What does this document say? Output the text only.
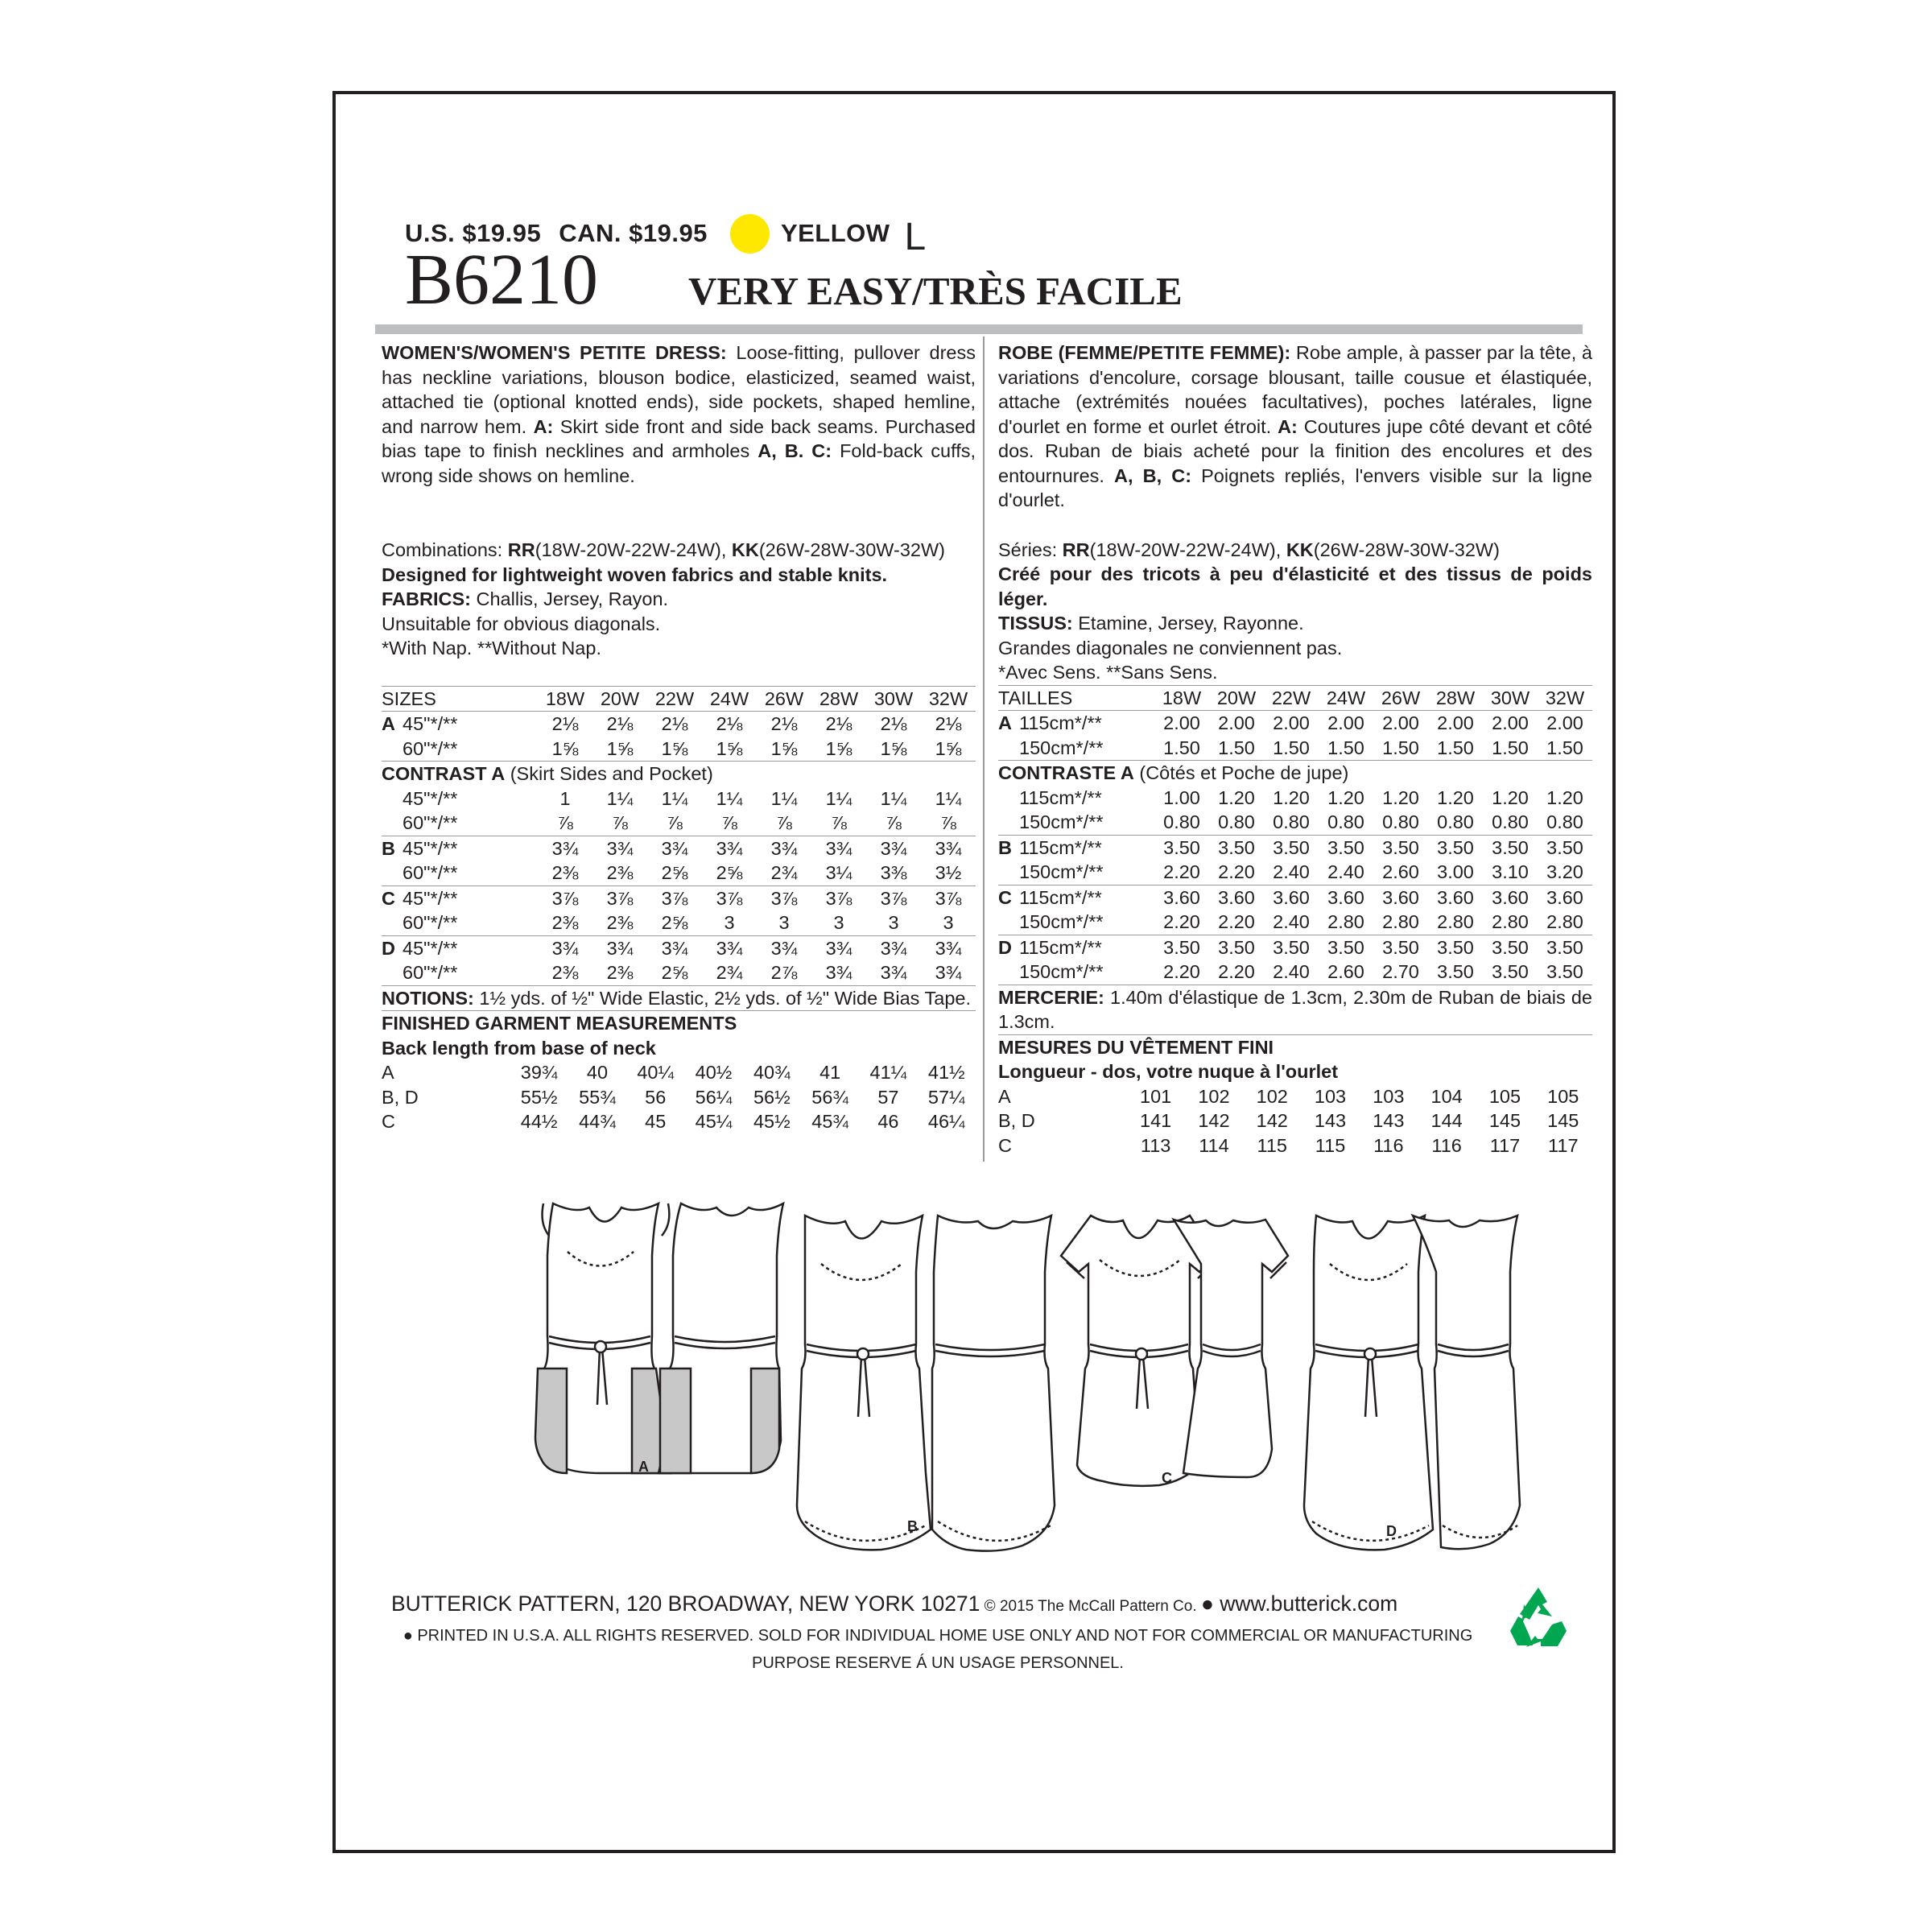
U.S. $19.95 CAN. $19.95	YELLOW L
B6210 VERY EASY/TRÈS FACILE

WOMEN'S/WOMEN'S PETITE DRESS: Loose-fitting, pullover dress has neckline variations, blouson bodice, elasticized, seamed waist, attached tie (optional knotted ends), side pockets, shaped hemline, and narrow hem. A: Skirt side front and side back seams. Purchased bias tape to finish necklines and armholes A, B. C: Fold-back cuffs, wrong side shows on hemline.

Combinations: RR(18W-20W-22W-24W), KK(26W-28W-30W-32W)

Designed for lightweight woven fabrics and stable knits.

FABRICS: Challis, Jersey, Rayon.

Unsuitable for obvious diagonals.

*With Nap. **Without Nap.

SIZES		18W	20W	22W	24W	26W	28W	30W	32W
A	45"*/**	2⅛	2⅛	2⅛	2⅛	2⅛	2⅛	2⅛	2⅛
	60"*/**	1⅝	1⅝	1⅝	1⅝	1⅝	1⅝	1⅝	1⅝
CONTRAST A (Skirt Sides and Pocket)									
	45"*/**	1	1¼	1¼	1¼	1¼	1¼	1¼	1¼
	60"*/**	⅞	⅞	⅞	⅞	⅞	⅞	⅞	⅞
B	45"*/**	3¾	3¾	3¾	3¾	3¾	3¾	3¾	3¾
	60"*/**	2⅜	2⅜	2⅝	2⅝	2¾	3¼	3⅜	3½
C	45"*/**	3⅞	3⅞	3⅞	3⅞	3⅞	3⅞	3⅞	3⅞
	60"*/**	2⅜	2⅜	2⅝	3	3	3	3	3
D	45"*/**	3¾	3¾	3¾	3¾	3¾	3¾	3¾	3¾
	60"*/**	2⅜	2⅜	2⅝	2¾	2⅞	3¾	3¾	3¾

NOTIONS: 1½ yds. of ½" Wide Elastic, 2½ yds. of ½" Wide Bias Tape.

FINISHED GARMENT MEASUREMENTS

Back length from base of neck

A	39¾	40	40¼	40½	40¾	41	41¼	41½
B, D	55½	55¾	56	56¼	56½	56¾	57	57¼
C	44½	44¾	45	45¼	45½	45¾	46	46¼

ROBE (FEMME/PETITE FEMME): Robe ample, à passer par la tête, à variations d'encolure, corsage blousant, taille cousue et élastiquée, attache (extrémités nouées facultatives), poches latérales, ligne d'ourlet en forme et ourlet étroit. A: Coutures jupe côté devant et côté dos. Ruban de biais acheté pour la finition des encolures et des entournures. A, B, C: Poignets repliés, l'envers visible sur la ligne d'ourlet.

Séries: RR(18W-20W-22W-24W), KK(26W-28W-30W-32W)

Créé pour des tricots à peu d'élasticité et des tissus de poids léger.

TISSUS: Etamine, Jersey, Rayonne.

Grandes diagonales ne conviennent pas.

*Avec Sens. **Sans Sens.

TAILLES		18W	20W	22W	24W	26W	28W	30W	32W
A	115cm*/**	2.00	2.00	2.00	2.00	2.00	2.00	2.00	2.00
	150cm*/**	1.50	1.50	1.50	1.50	1.50	1.50	1.50	1.50
CONTRASTE A (Côtés et Poche de jupe)									
	115cm*/**	1.00	1.20	1.20	1.20	1.20	1.20	1.20	1.20
	150cm*/**	0.80	0.80	0.80	0.80	0.80	0.80	0.80	0.80
B	115cm*/**	3.50	3.50	3.50	3.50	3.50	3.50	3.50	3.50
	150cm*/**	2.20	2.20	2.40	2.40	2.60	3.00	3.10	3.20
C	115cm*/**	3.60	3.60	3.60	3.60	3.60	3.60	3.60	3.60
	150cm*/**	2.20	2.20	2.40	2.80	2.80	2.80	2.80	2.80
D	115cm*/**	3.50	3.50	3.50	3.50	3.50	3.50	3.50	3.50
	150cm*/**	2.20	2.20	2.40	2.60	2.70	3.50	3.50	3.50

MERCERIE: 1.40m d'élastique de 1.3cm, 2.30m de Ruban de biais de 1.3cm.

MESURES DU VÊTEMENT FINI

Longueur - dos, votre nuque à l'ourlet

A	101	102	102	103	103	104	105	105
B, D	141	142	142	143	143	144	145	145
C	113	114	115	115	116	116	117	117
A
B
C
D
BUTTERICK PATTERN, 120 BROADWAY, NEW YORK 10271 © 2015 The McCall Pattern Co. ● www.butterick.com
● PRINTED IN U.S.A. ALL RIGHTS RESERVED. SOLD FOR INDIVIDUAL HOME USE ONLY AND NOT FOR COMMERCIAL OR MANUFACTURING
PURPOSE RESERVE Á UN USAGE PERSONNEL.
